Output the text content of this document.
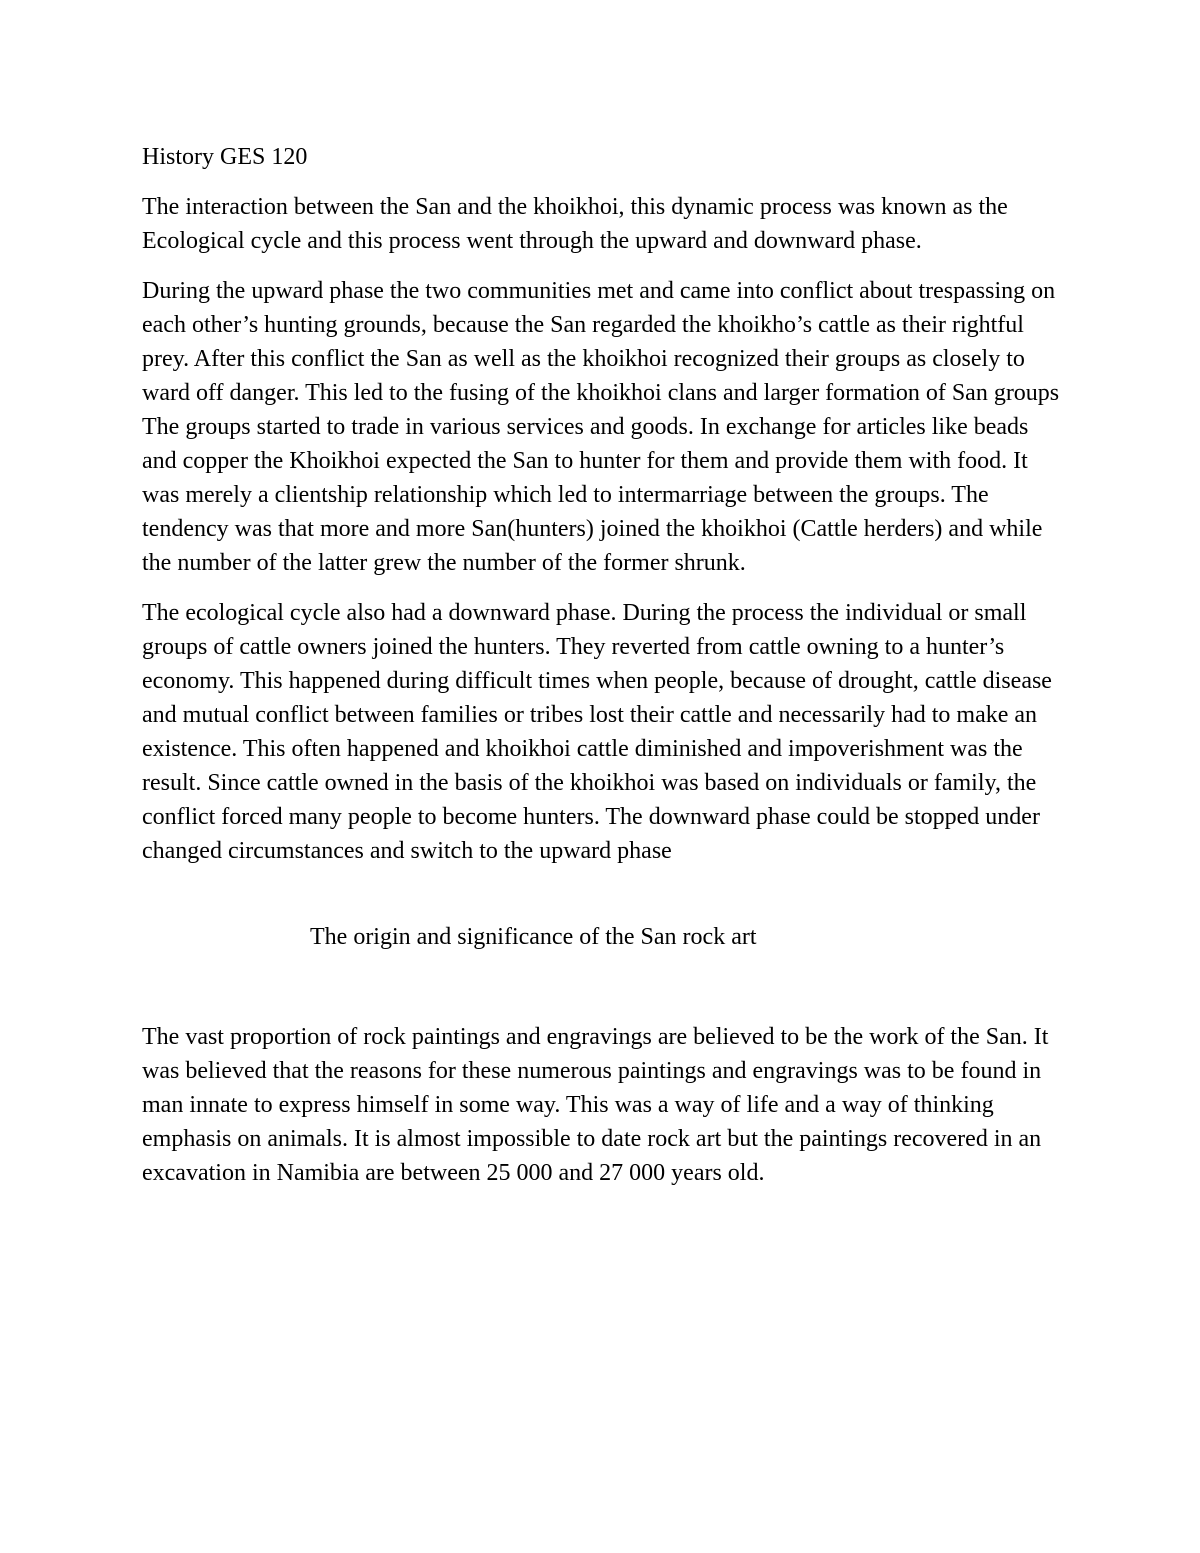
History GES 120

The interaction between the San and the khoikhoi, this dynamic process was known as the Ecological cycle and this process went through the upward and downward phase.

During the upward phase the two communities met and came into conflict about trespassing on each other’s hunting grounds, because the San regarded the khoikho’s cattle as their rightful prey. After this conflict the San as well as the khoikhoi recognized their groups as closely to ward off danger. This led to the fusing of the khoikhoi clans and larger formation of San groups The groups started to trade in various services and goods. In exchange for articles like beads and copper the Khoikhoi expected the San to hunter for them and provide them with food. It was merely a clientship relationship which led to intermarriage between the groups. The tendency was that more and more San(hunters) joined the khoikhoi (Cattle herders) and while the number of the latter grew the number of the former shrunk.

The ecological cycle also had a downward phase. During the process the individual or small groups of cattle owners joined the hunters. They reverted from cattle owning to a hunter’s economy. This happened during difficult times when people, because of drought, cattle disease and mutual conflict between families or tribes lost their cattle and necessarily had to make an existence. This often happened and khoikhoi cattle diminished and impoverishment was the result. Since cattle owned in the basis of the khoikhoi was based on individuals or family, the conflict forced many people to become hunters. The downward phase could be stopped under changed circumstances and switch to the upward phase

The origin and significance of the San rock art

The vast proportion of rock paintings and engravings are believed to be the work of the San. It was believed that the reasons for these numerous paintings and engravings was to be found in man innate to express himself in some way. This was a way of life and a way of thinking emphasis on animals. It is almost impossible to date rock art but the paintings recovered in an excavation in Namibia are between 25 000 and 27 000 years old.
